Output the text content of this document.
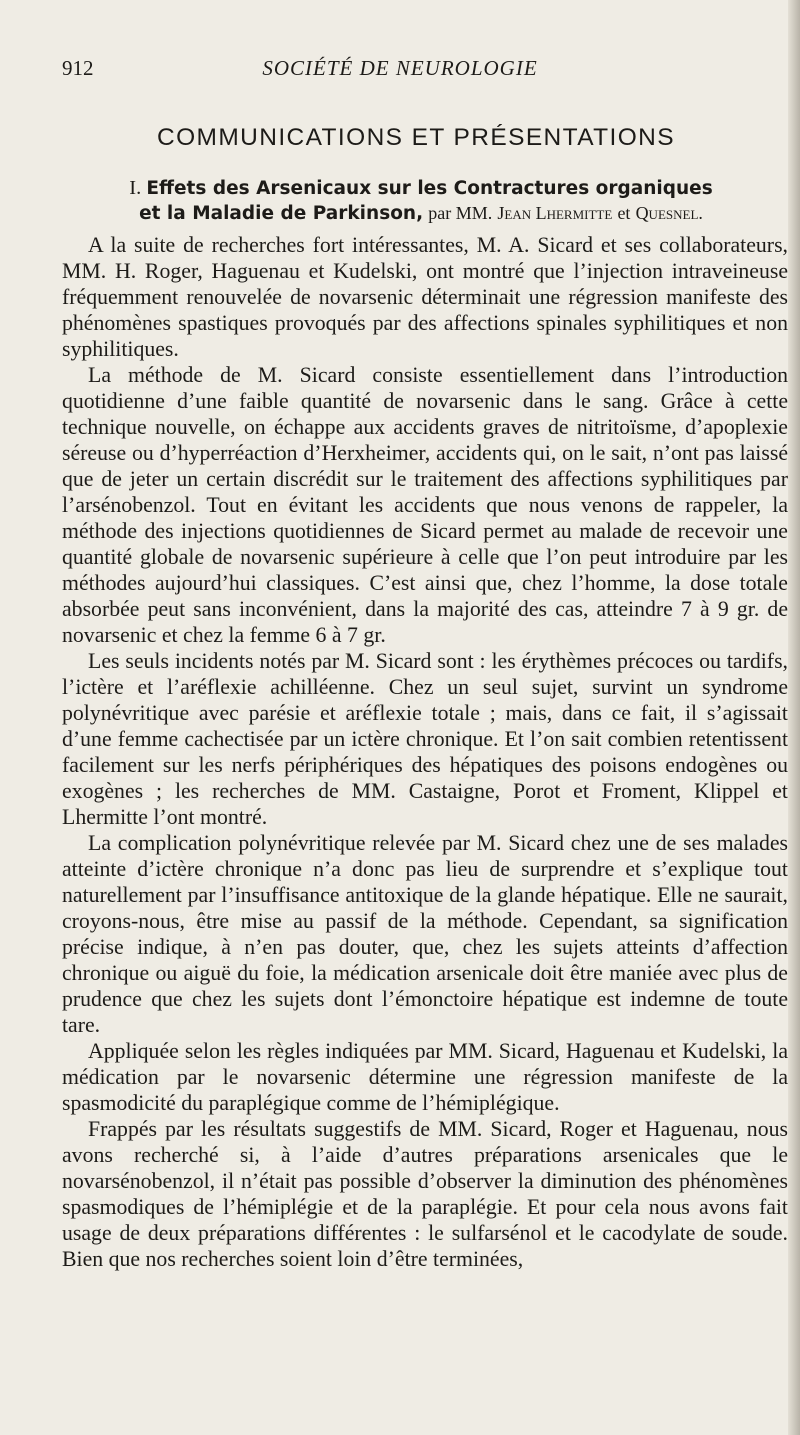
912	SOCIÉTÉ DE NEUROLOGIE
COMMUNICATIONS ET PRÉSENTATIONS
I. Effets des Arsenicaux sur les Contractures organiques
et la Maladie de Parkinson, par MM. Jean Lhermitte et Quesnel.

A la suite de recherches fort intéressantes, M. A. Sicard et ses collaborateurs, MM. H. Roger, Haguenau et Kudelski, ont montré que l’injection intraveineuse fréquemment renouvelée de novarsenic déterminait une régression manifeste des phénomènes spastiques provoqués par des affections spinales syphilitiques et non syphilitiques.

La méthode de M. Sicard consiste essentiellement dans l’introduction quotidienne d’une faible quantité de novarsenic dans le sang. Grâce à cette technique nouvelle, on échappe aux accidents graves de nitritoïsme, d’apoplexie séreuse ou d’hyperréaction d’Herxheimer, accidents qui, on le sait, n’ont pas laissé que de jeter un certain discrédit sur le traitement des affections syphilitiques par l’arsénobenzol. Tout en évitant les accidents que nous venons de rappeler, la méthode des injections quotidiennes de Sicard permet au malade de recevoir une quantité globale de novarsenic supérieure à celle que l’on peut introduire par les méthodes aujourd’hui classiques. C’est ainsi que, chez l’homme, la dose totale absorbée peut sans inconvénient, dans la majorité des cas, atteindre 7 à 9 gr. de novarsenic et chez la femme 6 à 7 gr.

Les seuls incidents notés par M. Sicard sont : les érythèmes précoces ou tardifs, l’ictère et l’aréflexie achilléenne. Chez un seul sujet, survint un syndrome polynévritique avec parésie et aréflexie totale ; mais, dans ce fait, il s’agissait d’une femme cachectisée par un ictère chronique. Et l’on sait combien retentissent facilement sur les nerfs périphériques des hépatiques des poisons endogènes ou exogènes ; les recherches de MM. Castaigne, Porot et Froment, Klippel et Lhermitte l’ont montré.

La complication polynévritique relevée par M. Sicard chez une de ses malades atteinte d’ictère chronique n’a donc pas lieu de surprendre et s’explique tout naturellement par l’insuffisance antitoxique de la glande hépatique. Elle ne saurait, croyons-nous, être mise au passif de la méthode. Cependant, sa signification précise indique, à n’en pas douter, que, chez les sujets atteints d’affection chronique ou aiguë du foie, la médication arsenicale doit être maniée avec plus de prudence que chez les sujets dont l’émonctoire hépatique est indemne de toute tare.

Appliquée selon les règles indiquées par MM. Sicard, Haguenau et Kudelski, la médication par le novarsenic détermine une régression manifeste de la spasmodicité du paraplégique comme de l’hémiplégique.

Frappés par les résultats suggestifs de MM. Sicard, Roger et Haguenau, nous avons recherché si, à l’aide d’autres préparations arsenicales que le novarsénobenzol, il n’était pas possible d’observer la diminution des phénomènes spasmodiques de l’hémiplégie et de la paraplégie. Et pour cela nous avons fait usage de deux préparations différentes : le sulfarsénol et le cacodylate de soude. Bien que nos recherches soient loin d’être terminées,
